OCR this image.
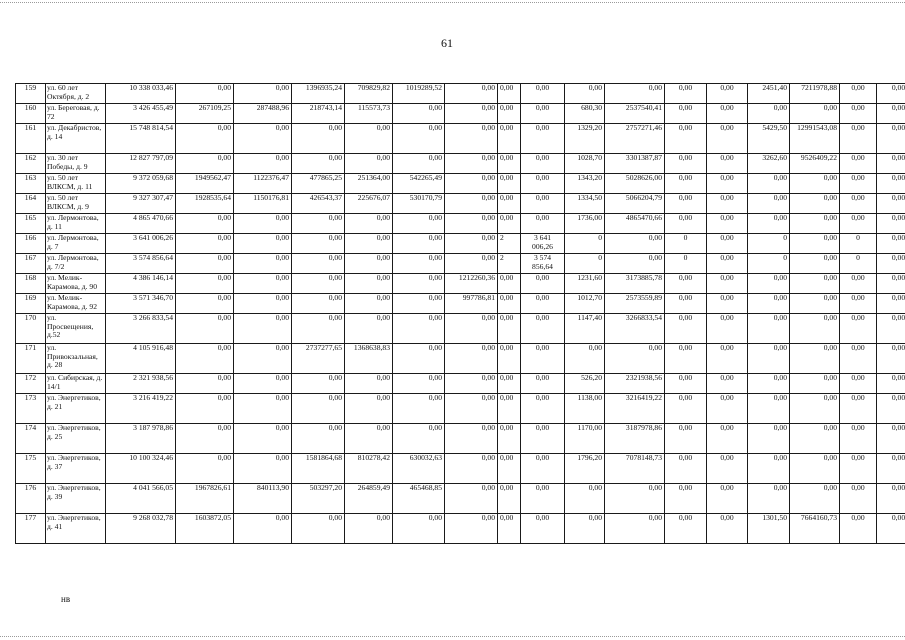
61
159	ул. 60 лет Октября, д. 2	10 338 033,46	0,00	0,00	1396935,24	709829,82	1019289,52	0,00	0,00	0,00	0,00	0,00	0,00	0,00	2451,40	7211978,88	0,00	0,00
160	ул. Береговая, д. 72	3 426 455,49	267109,25	287488,96	218743,14	115573,73	0,00	0,00	0,00	0,00	680,30	2537540,41	0,00	0,00	0,00	0,00	0,00	0,00
161	ул. Декабристов, д. 14	15 748 814,54	0,00	0,00	0,00	0,00	0,00	0,00	0,00	0,00	1329,20	2757271,46	0,00	0,00	5429,50	12991543,08	0,00	0,00
162	ул. 30 лет Победы, д. 9	12 827 797,09	0,00	0,00	0,00	0,00	0,00	0,00	0,00	0,00	1028,70	3301387,87	0,00	0,00	3262,60	9526409,22	0,00	0,00
163	ул. 50 лет ВЛКСМ, д. 11	9 372 059,68	1949562,47	1122376,47	477865,25	251364,00	542265,49	0,00	0,00	0,00	1343,20	5028626,00	0,00	0,00	0,00	0,00	0,00	0,00
164	ул. 50 лет ВЛКСМ, д. 9	9 327 307,47	1928535,64	1150176,81	426543,37	225676,07	530170,79	0,00	0,00	0,00	1334,50	5066204,79	0,00	0,00	0,00	0,00	0,00	0,00
165	ул. Лермонтова, д. 11	4 865 470,66	0,00	0,00	0,00	0,00	0,00	0,00	0,00	0,00	1736,00	4865470,66	0,00	0,00	0,00	0,00	0,00	0,00
166	ул. Лермонтова, д. 7	3 641 006,26	0,00	0,00	0,00	0,00	0,00	0,00	2	3 641 006,26	0	0,00	0	0,00	0	0,00	0	0,00
167	ул. Лермонтова, д. 7/2	3 574 856,64	0,00	0,00	0,00	0,00	0,00	0,00	2	3 574 856,64	0	0,00	0	0,00	0	0,00	0	0,00
168	ул. Мелик-Карамова, д. 90	4 386 146,14	0,00	0,00	0,00	0,00	0,00	1212260,36	0,00	0,00	1231,60	3173885,78	0,00	0,00	0,00	0,00	0,00	0,00
169	ул. Мелик-Карамова, д. 92	3 571 346,70	0,00	0,00	0,00	0,00	0,00	997786,81	0,00	0,00	1012,70	2573559,89	0,00	0,00	0,00	0,00	0,00	0,00
170	ул. Просвещения, д.52	3 266 833,54	0,00	0,00	0,00	0,00	0,00	0,00	0,00	0,00	1147,40	3266833,54	0,00	0,00	0,00	0,00	0,00	0,00
171	ул. Привокзальная, д. 28	4 105 916,48	0,00	0,00	2737277,65	1368638,83	0,00	0,00	0,00	0,00	0,00	0,00	0,00	0,00	0,00	0,00	0,00	0,00
172	ул. Сибирская, д. 14/1	2 321 938,56	0,00	0,00	0,00	0,00	0,00	0,00	0,00	0,00	526,20	2321938,56	0,00	0,00	0,00	0,00	0,00	0,00
173	ул. Энергетиков, д. 21	3 216 419,22	0,00	0,00	0,00	0,00	0,00	0,00	0,00	0,00	1138,00	3216419,22	0,00	0,00	0,00	0,00	0,00	0,00
174	ул. Энергетиков, д. 25	3 187 978,86	0,00	0,00	0,00	0,00	0,00	0,00	0,00	0,00	1170,00	3187978,86	0,00	0,00	0,00	0,00	0,00	0,00
175	ул. Энергетиков, д. 37	10 100 324,46	0,00	0,00	1581864,68	810278,42	630032,63	0,00	0,00	0,00	1796,20	7078148,73	0,00	0,00	0,00	0,00	0,00	0,00
176	ул. Энергетиков, д. 39	4 041 566,05	1967826,61	840113,90	503297,20	264859,49	465468,85	0,00	0,00	0,00	0,00	0,00	0,00	0,00	0,00	0,00	0,00	0,00
177	ул. Энергетиков, д. 41	9 268 032,78	1603872,05	0,00	0,00	0,00	0,00	0,00	0,00	0,00	0,00	0,00	0,00	0,00	1301,50	7664160,73	0,00	0,00
нв
